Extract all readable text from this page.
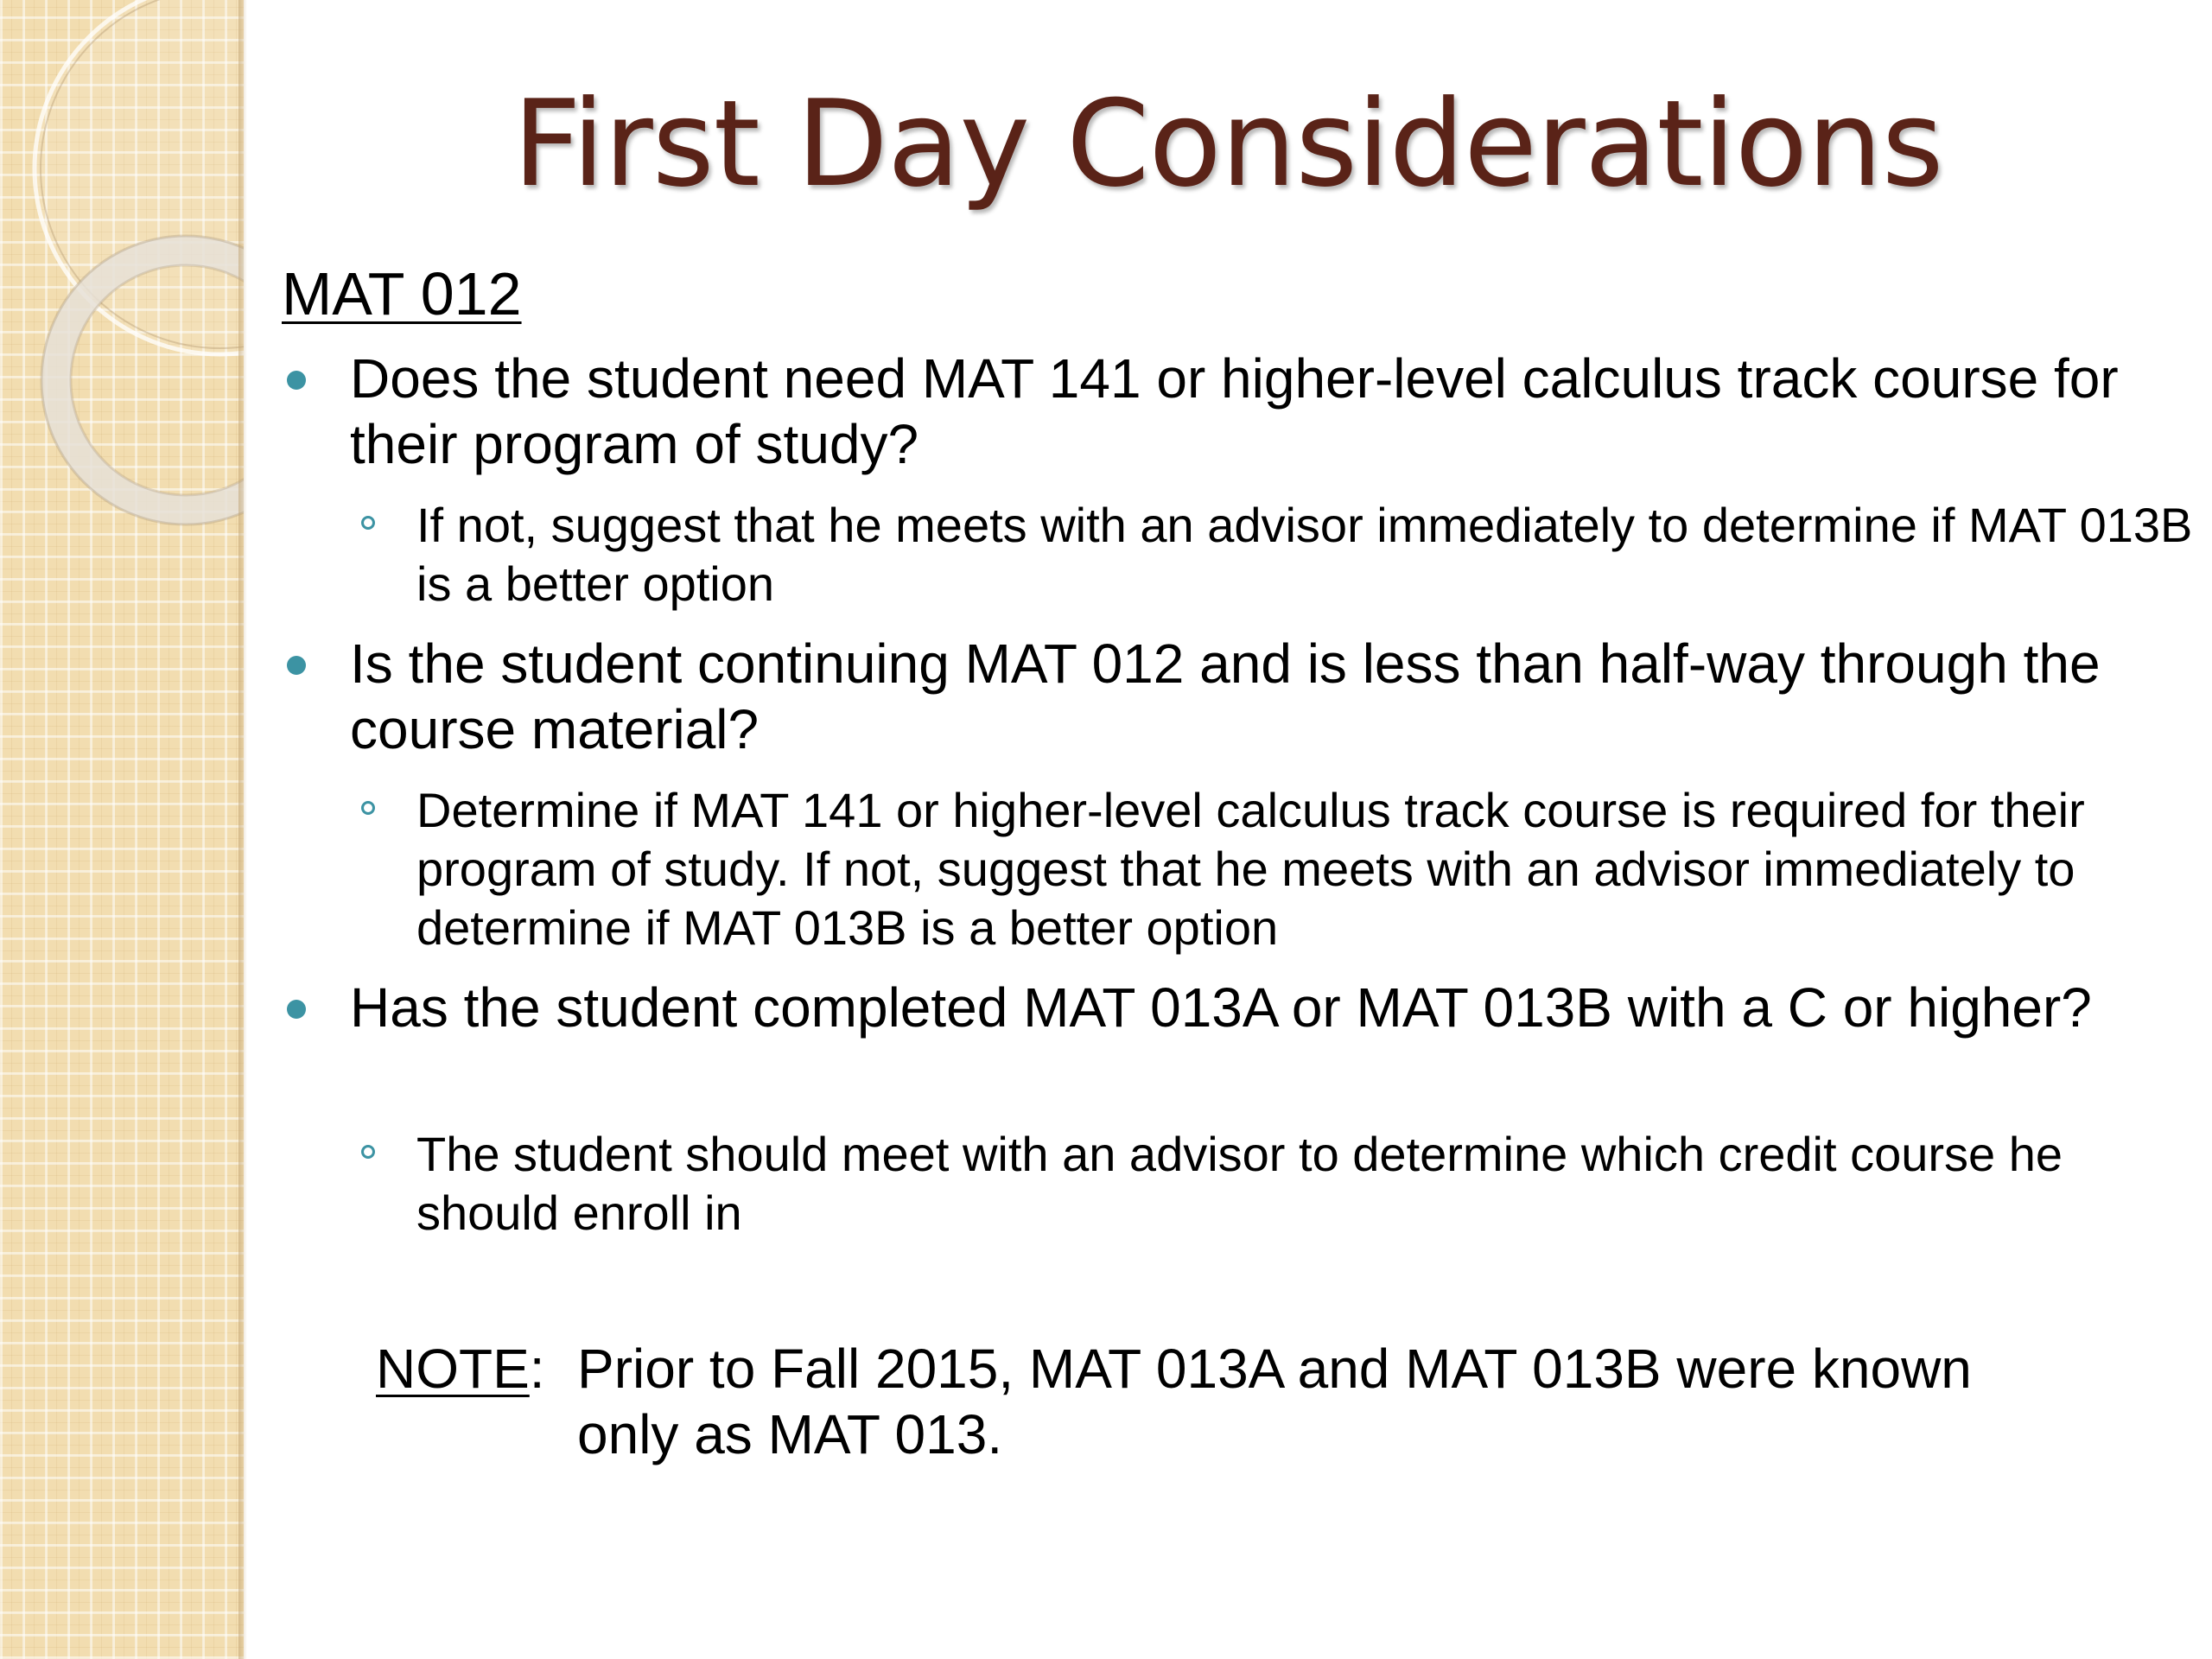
First Day Considerations
MAT 012
Does the student need MAT 141 or higher-level calculus track course for their program of study?
If not, suggest that he meets with an advisor immediately to determine if MAT 013B is a better option
Is the student continuing MAT 012 and is less than half-way through the course material?
Determine if MAT 141 or higher-level calculus track course is required for their program of study. If not, suggest that he meets with an advisor immediately to determine if MAT 013B is a better option
Has the student completed MAT 013A or MAT 013B with a C or higher?
The student should meet with an advisor to determine which credit course he should enroll in
NOTE: Prior to Fall 2015, MAT 013A and MAT 013B were known only as MAT 013.
